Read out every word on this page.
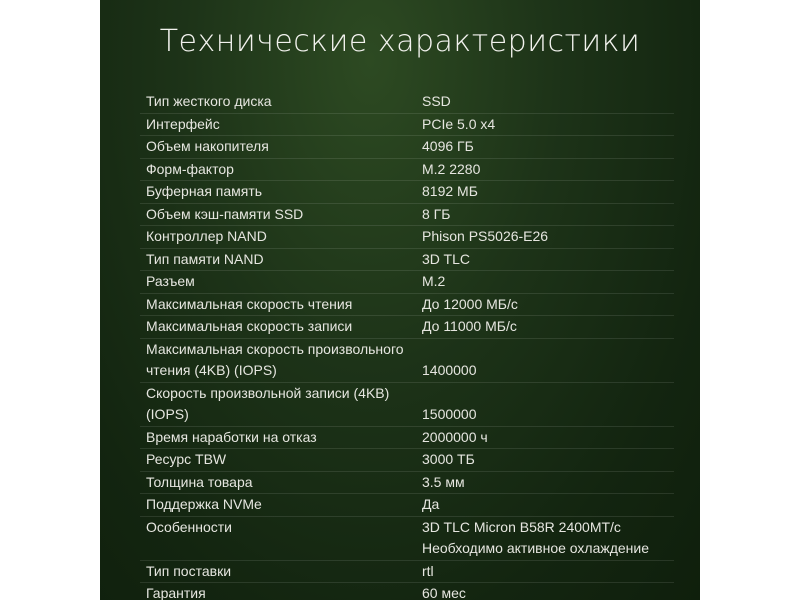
Технические характеристики
Тип жесткого диска	SSD
Интерфейс	PCIe 5.0 x4
Объем накопителя	4096 ГБ
Форм-фактор	M.2 2280
Буферная память	8192 МБ
Объем кэш-памяти SSD	8 ГБ
Контроллер NAND	Phison PS5026-E26
Тип памяти NAND	3D TLC
Разъем	M.2
Максимальная скорость чтения	До 12000 МБ/с
Максимальная скорость записи	До 11000 МБ/с
Максимальная скорость произвольного чтения (4KB) (IOPS)	1400000
Скорость произвольной записи (4KB) (IOPS)	1500000
Время наработки на отказ	2000000 ч
Ресурс TBW	3000 ТБ
Толщина товара	3.5 мм
Поддержка NVMe	Да
Особенности	3D TLC Micron B58R 2400MT/с Необходимо активное охлаждение
Тип поставки	rtl
Гарантия	60 мес
